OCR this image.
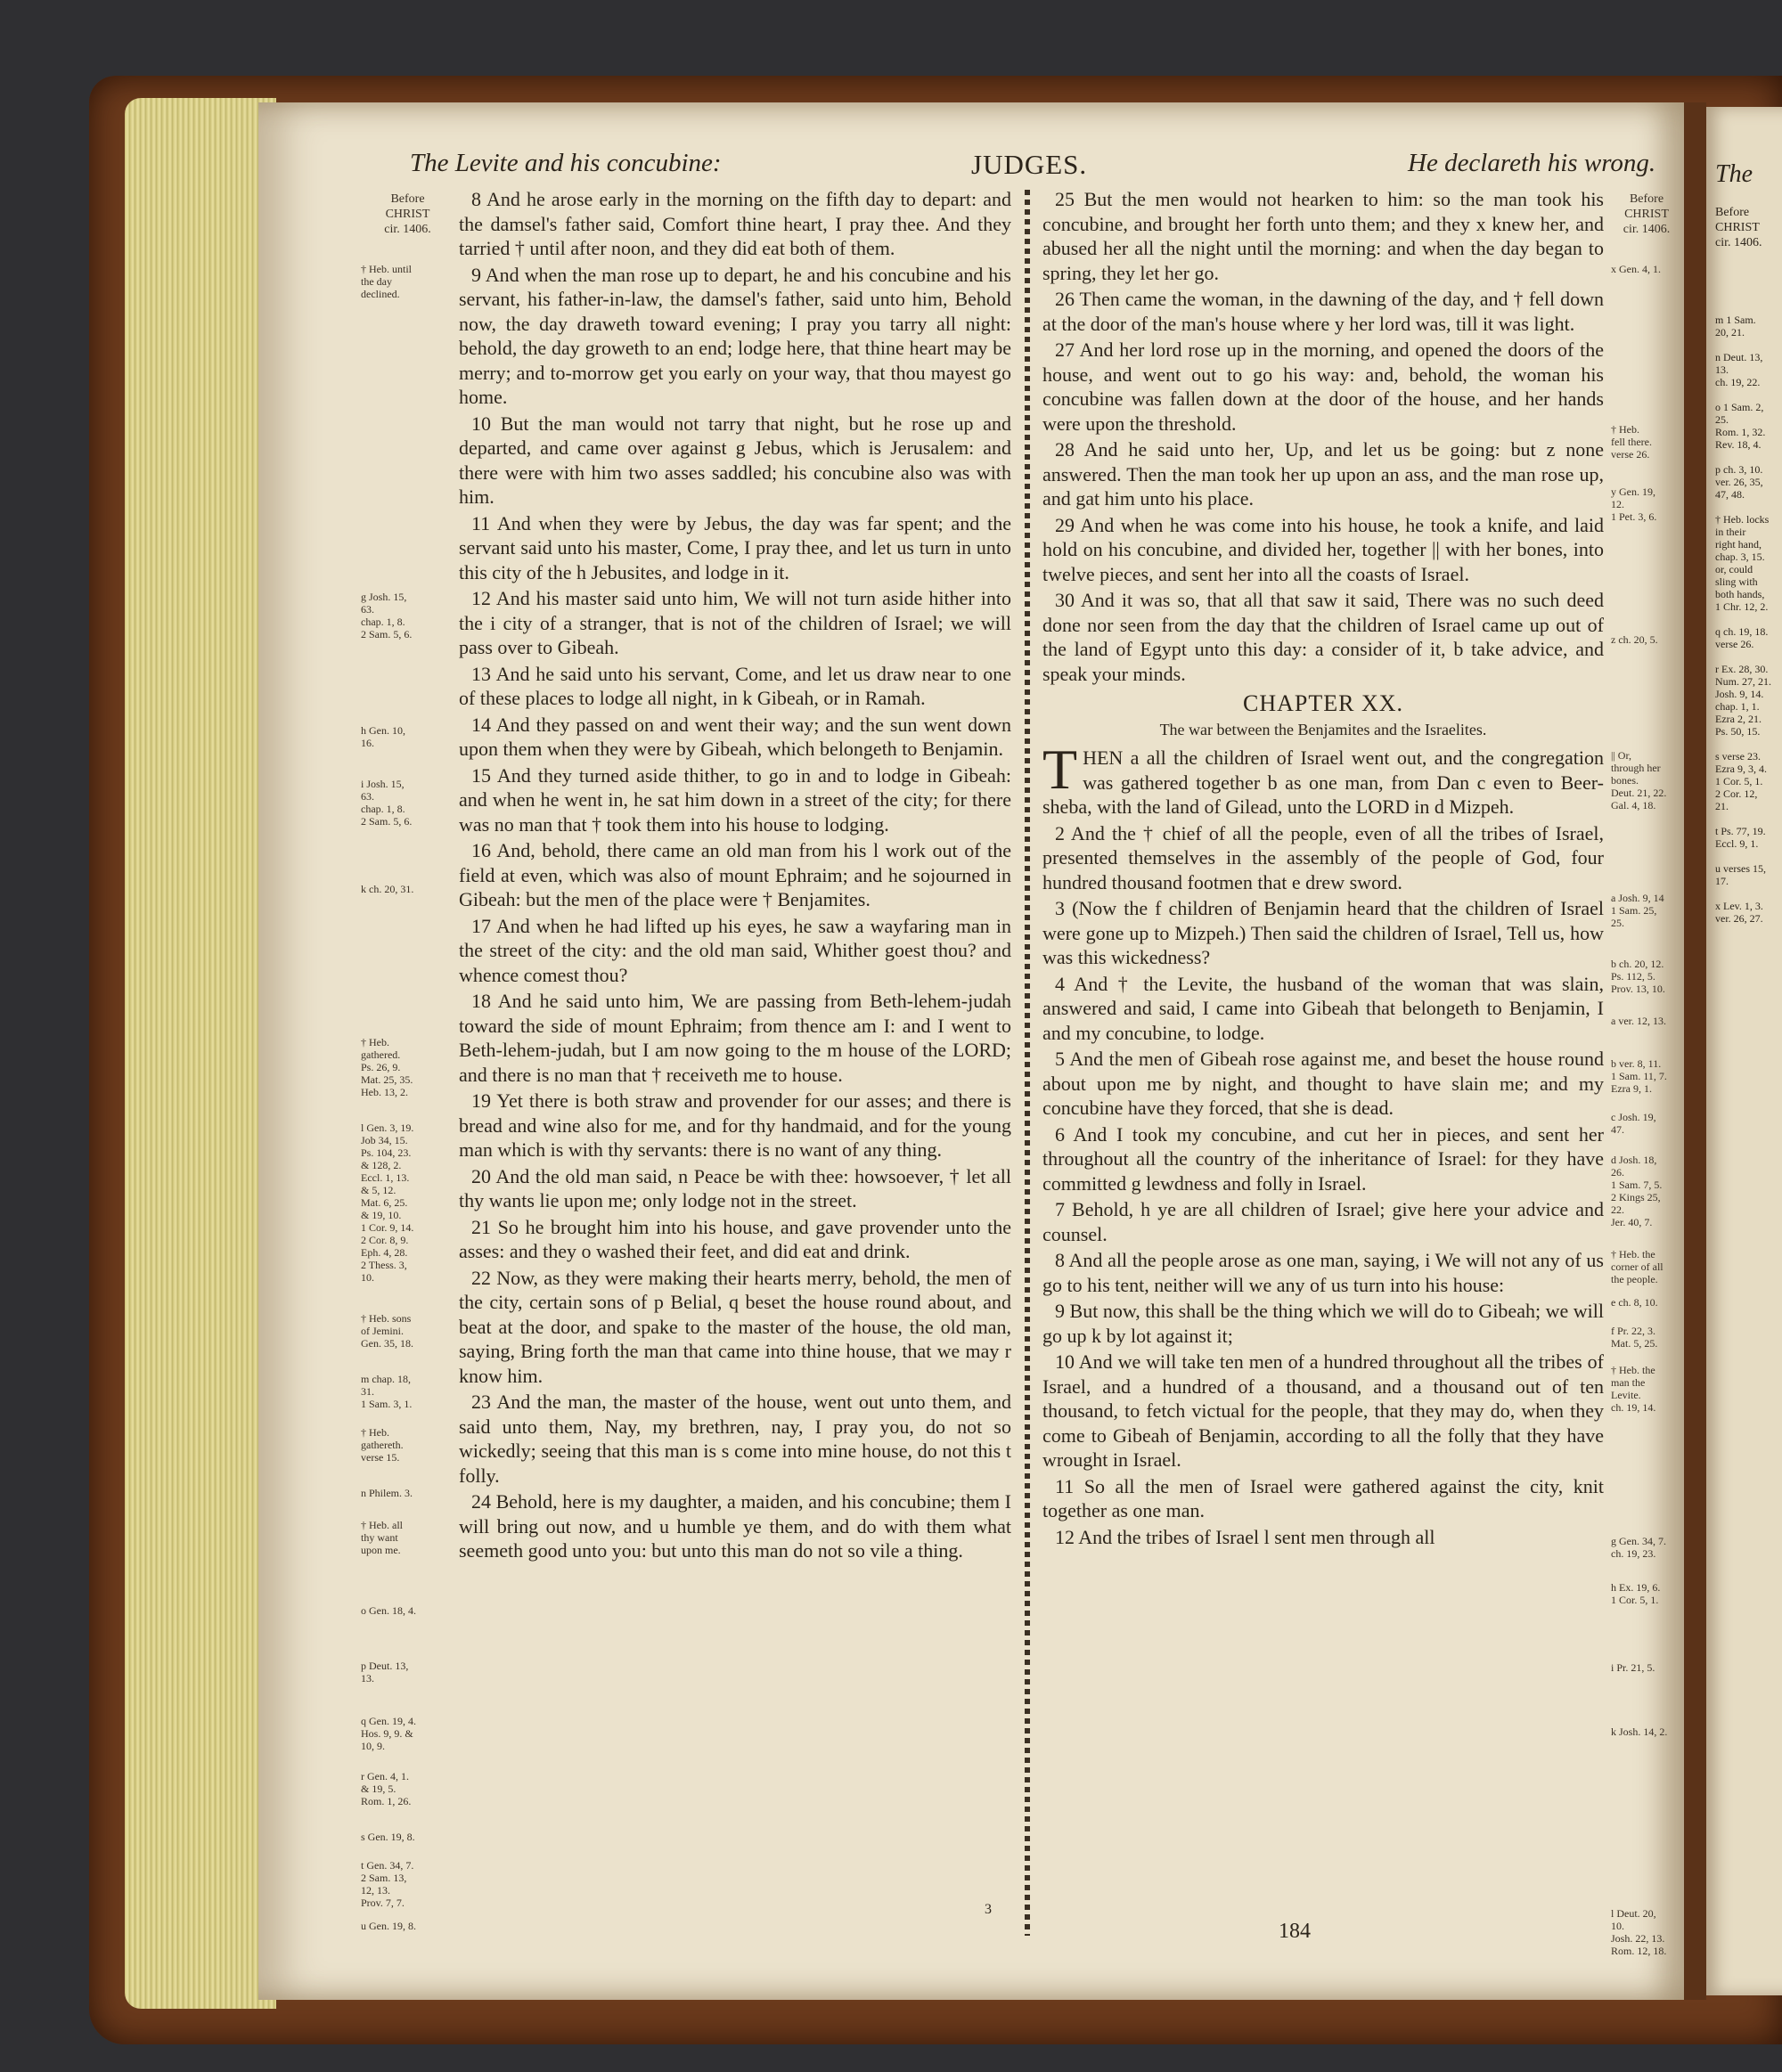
The Levite and his concubine:	JUDGES.	He declareth his wrong.
Before
CHRIST
cir. 1406.
† Heb. until
the day
declined.
g Josh. 15,
63.
chap. 1, 8.
2 Sam. 5, 6.
h Gen. 10,
16.
i Josh. 15,
63.
chap. 1, 8.
2 Sam. 5, 6.
k ch. 20, 31.
† Heb.
gathered.
Ps. 26, 9.
Mat. 25, 35.
Heb. 13, 2.
l Gen. 3, 19.
Job 34, 15.
Ps. 104, 23.
& 128, 2.
Eccl. 1, 13.
& 5, 12.
Mat. 6, 25.
& 19, 10.
1 Cor. 9, 14.
2 Cor. 8, 9.
Eph. 4, 28.
2 Thess. 3,
10.
† Heb. sons
of Jemini.
Gen. 35, 18.
m chap. 18,
31.
1 Sam. 3, 1.
† Heb.
gathereth.
verse 15.
n Philem. 3.
† Heb. all
thy want
upon me.
o Gen. 18, 4.
p Deut. 13,
13.
q Gen. 19, 4.
Hos. 9, 9. &
10, 9.
r Gen. 4, 1.
& 19, 5.
Rom. 1, 26.
s Gen. 19, 8.
t Gen. 34, 7.
2 Sam. 13,
12, 13.
Prov. 7, 7.
u Gen. 19, 8.

8 And he arose early in the morning on the fifth day to depart: and the damsel's father said, Comfort thine heart, I pray thee. And they tarried † until after noon, and they did eat both of them.

9 And when the man rose up to depart, he and his concubine and his servant, his father-in-law, the damsel's father, said unto him, Behold now, the day draweth toward evening; I pray you tarry all night: behold, the day groweth to an end; lodge here, that thine heart may be merry; and to-morrow get you early on your way, that thou mayest go home.

10 But the man would not tarry that night, but he rose up and departed, and came over against g Jebus, which is Jerusalem: and there were with him two asses saddled; his concubine also was with him.

11 And when they were by Jebus, the day was far spent; and the servant said unto his master, Come, I pray thee, and let us turn in unto this city of the h Jebusites, and lodge in it.

12 And his master said unto him, We will not turn aside hither into the i city of a stranger, that is not of the children of Israel; we will pass over to Gibeah.

13 And he said unto his servant, Come, and let us draw near to one of these places to lodge all night, in k Gibeah, or in Ramah.

14 And they passed on and went their way; and the sun went down upon them when they were by Gibeah, which belongeth to Benjamin.

15 And they turned aside thither, to go in and to lodge in Gibeah: and when he went in, he sat him down in a street of the city; for there was no man that † took them into his house to lodging.

16 And, behold, there came an old man from his l work out of the field at even, which was also of mount Ephraim; and he sojourned in Gibeah: but the men of the place were † Benjamites.

17 And when he had lifted up his eyes, he saw a wayfaring man in the street of the city: and the old man said, Whither goest thou? and whence comest thou?

18 And he said unto him, We are passing from Beth-lehem-judah toward the side of mount Ephraim; from thence am I: and I went to Beth-lehem-judah, but I am now going to the m house of the LORD; and there is no man that † receiveth me to house.

19 Yet there is both straw and provender for our asses; and there is bread and wine also for me, and for thy handmaid, and for the young man which is with thy servants: there is no want of any thing.

20 And the old man said, n Peace be with thee: howsoever, † let all thy wants lie upon me; only lodge not in the street.

21 So he brought him into his house, and gave provender unto the asses: and they o washed their feet, and did eat and drink.

22 Now, as they were making their hearts merry, behold, the men of the city, certain sons of p Belial, q beset the house round about, and beat at the door, and spake to the master of the house, the old man, saying, Bring forth the man that came into thine house, that we may r know him.

23 And the man, the master of the house, went out unto them, and said unto them, Nay, my brethren, nay, I pray you, do not so wickedly; seeing that this man is s come into mine house, do not this t folly.

24 Behold, here is my daughter, a maiden, and his concubine; them I will bring out now, and u humble ye them, and do with them what seemeth good unto you: but unto this man do not so vile a thing.

25 But the men would not hearken to him: so the man took his concubine, and brought her forth unto them; and they x knew her, and abused her all the night until the morning: and when the day began to spring, they let her go.

26 Then came the woman, in the dawning of the day, and † fell down at the door of the man's house where y her lord was, till it was light.

27 And her lord rose up in the morning, and opened the doors of the house, and went out to go his way: and, behold, the woman his concubine was fallen down at the door of the house, and her hands were upon the threshold.

28 And he said unto her, Up, and let us be going: but z none answered. Then the man took her up upon an ass, and the man rose up, and gat him unto his place.

29 And when he was come into his house, he took a knife, and laid hold on his concubine, and divided her, together || with her bones, into twelve pieces, and sent her into all the coasts of Israel.

30 And it was so, that all that saw it said, There was no such deed done nor seen from the day that the children of Israel came up out of the land of Egypt unto this day: a consider of it, b take advice, and speak your minds.

CHAPTER XX.
The war between the Benjamites and the Israelites.

THEN a all the children of Israel went out, and the congregation was gathered together b as one man, from Dan c even to Beer-sheba, with the land of Gilead, unto the LORD in d Mizpeh.

2 And the † chief of all the people, even of all the tribes of Israel, presented themselves in the assembly of the people of God, four hundred thousand footmen that e drew sword.

3 (Now the f children of Benjamin heard that the children of Israel were gone up to Mizpeh.) Then said the children of Israel, Tell us, how was this wickedness?

4 And † the Levite, the husband of the woman that was slain, answered and said, I came into Gibeah that belongeth to Benjamin, I and my concubine, to lodge.

5 And the men of Gibeah rose against me, and beset the house round about upon me by night, and thought to have slain me; and my concubine have they forced, that she is dead.

6 And I took my concubine, and cut her in pieces, and sent her throughout all the country of the inheritance of Israel: for they have committed g lewdness and folly in Israel.

7 Behold, h ye are all children of Israel; give here your advice and counsel.

8 And all the people arose as one man, saying, i We will not any of us go to his tent, neither will we any of us turn into his house:

9 But now, this shall be the thing which we will do to Gibeah; we will go up k by lot against it;

10 And we will take ten men of a hundred throughout all the tribes of Israel, and a hundred of a thousand, and a thousand out of ten thousand, to fetch victual for the people, that they may do, when they come to Gibeah of Benjamin, according to all the folly that they have wrought in Israel.

11 So all the men of Israel were gathered against the city, knit together as one man.

12 And the tribes of Israel l sent men through all

Before
CHRIST
cir. 1406.
x Gen. 4, 1.
† Heb.
fell there.
verse 26.
y Gen. 19,
12.
1 Pet. 3, 6.
z ch. 20, 5.
|| Or,
through her
bones.
Deut. 21, 22.
Gal. 4, 18.
a Josh. 9, 14
1 Sam. 25,
25.
b ch. 20, 12.
Ps. 112, 5.
Prov. 13, 10.
a ver. 12, 13.
b ver. 8, 11.
1 Sam. 11, 7.
Ezra 9, 1.
c Josh. 19,
47.
d Josh. 18,
26.
1 Sam. 7, 5.
2 Kings 25,
22.
Jer. 40, 7.
† Heb. the
corner of all
the people.
e ch. 8, 10.
f Pr. 22, 3.
Mat. 5, 25.
† Heb. the
man the
Levite.
ch. 19, 14.
g Gen. 34, 7.
ch. 19, 23.
h Ex. 19, 6.
1 Cor. 5, 1.
i Pr. 21, 5.
k Josh. 14, 2.
l Deut. 20,
10.
Josh. 22, 13.
Rom. 12, 18.
3
184
The
Before
CHRIST
cir. 1406.
m 1 Sam.
20, 21.

n Deut. 13,
13.
ch. 19, 22.

o 1 Sam. 2,
25.
Rom. 1, 32.
Rev. 18, 4.

p ch. 3, 10.
ver. 26, 35,
47, 48.

† Heb. locks
in their
right hand,
chap. 3, 15.
or, could
sling with
both hands,
1 Chr. 12, 2.

q ch. 19, 18.
verse 26.

r Ex. 28, 30.
Num. 27, 21.
Josh. 9, 14.
chap. 1, 1.
Ezra 2, 21.
Ps. 50, 15.

s verse 23.
Ezra 9, 3, 4.
1 Cor. 5, 1.
2 Cor. 12,
21.

t Ps. 77, 19.
Eccl. 9, 1.

u verses 15,
17.

x Lev. 1, 3.
ver. 26, 27.
